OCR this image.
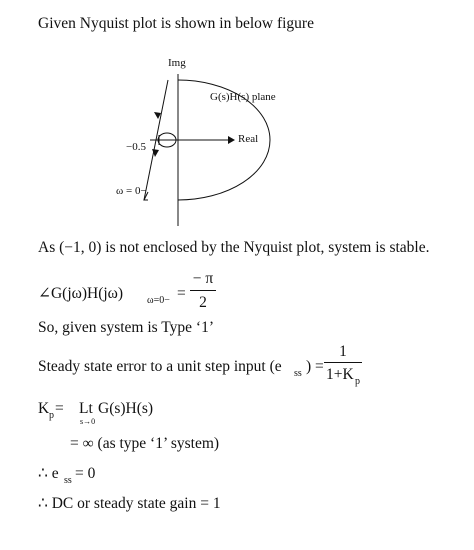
Given Nyquist plot is shown in below figure
Img
G(s)H(s) plane
Real
−0.5
ω = 0−
As (−1, 0) is not enclosed by the Nyquist plot, system is stable.
∠G(jω)H(jω) ω=0− =
− π
2
So, given system is Type ‘1’
Steady state error to a unit step input (e ss ) =
1
1+K p
K p = Lt
s→0
G(s)H(s)
= ∞ (as type ‘1’ system)
∴ e ss = 0
∴ DC or steady state gain = 1
